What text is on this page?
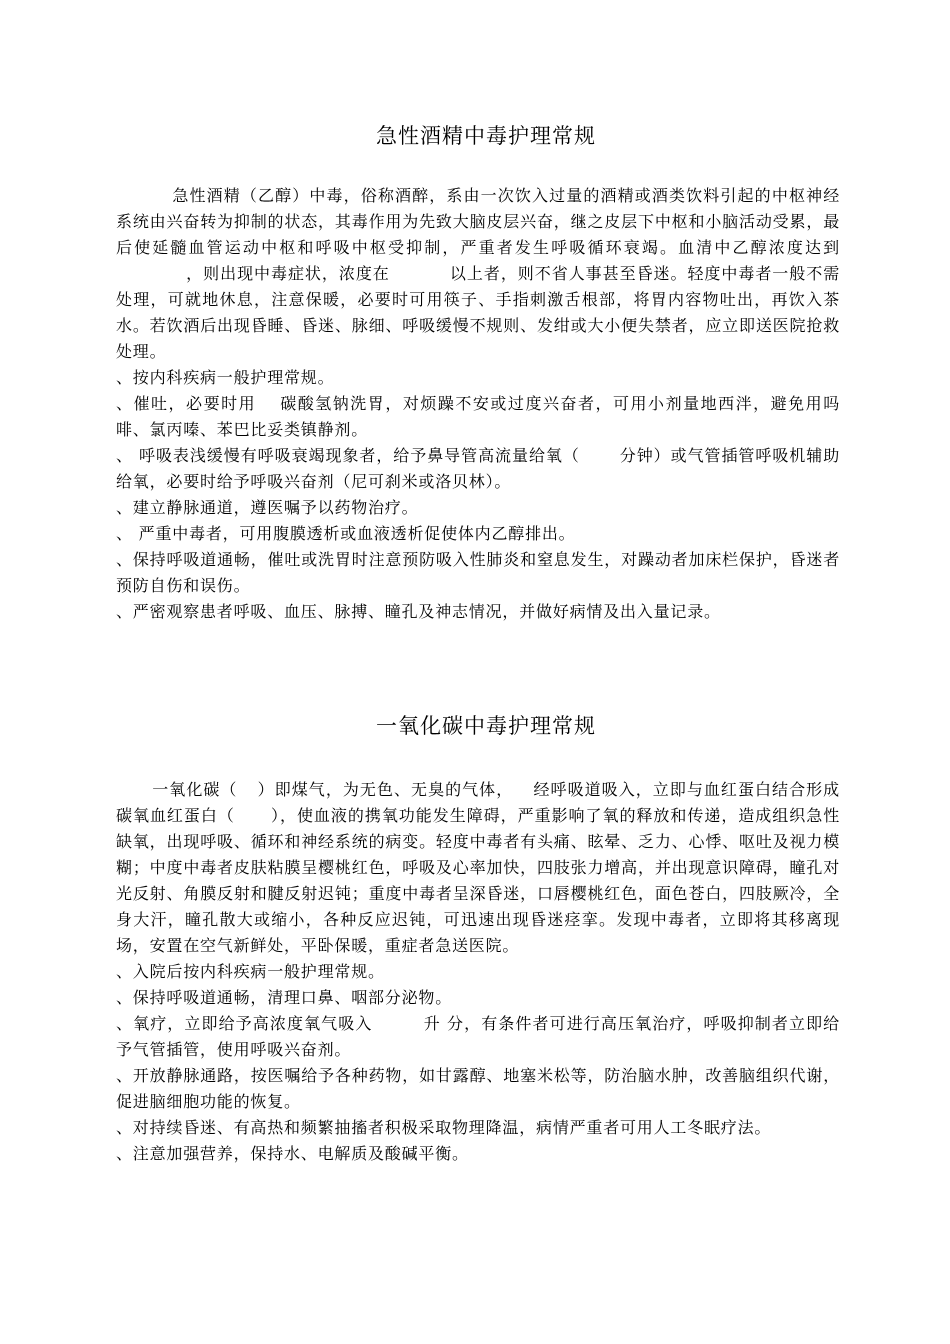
急性酒精中毒护理常规

急性酒精（乙醇）中毒，俗称酒醉，系由一次饮入过量的酒精或酒类饮料引起的中枢神经系统由兴奋转为抑制的状态，其毒作用为先致大脑皮层兴奋，继之皮层下中枢和小脑活动受累，最后使延髓血管运动中枢和呼吸中枢受抑制，严重者发生呼吸循环衰竭。血清中乙醇浓度达到，则出现中毒症状，浓度在	以上者，则不省人事甚至昏迷。轻度中毒者一般不需处理，可就地休息，注意保暖，必要时可用筷子、手指刺激舌根部，将胃内容物吐出，再饮入茶水。若饮酒后出现昏睡、昏迷、脉细、呼吸缓慢不规则、发绀或大小便失禁者，应立即送医院抢救处理。

、按内科疾病一般护理常规。

、催吐，必要时用　 碳酸氢钠洗胃，对烦躁不安或过度兴奋者，可用小剂量地西泮，避免用吗啡、氯丙嗪、苯巴比妥类镇静剂。

、 呼吸表浅缓慢有呼吸衰竭现象者，给予鼻导管高流量给氧（　　 分钟）或气管插管呼吸机辅助给氧，必要时给予呼吸兴奋剂（尼可刹米或洛贝林）。

、建立静脉通道，遵医嘱予以药物治疗。

、 严重中毒者，可用腹膜透析或血液透析促使体内乙醇排出。

、保持呼吸道通畅，催吐或洗胃时注意预防吸入性肺炎和窒息发生，对躁动者加床栏保护，昏迷者预防自伤和误伤。

、严密观察患者呼吸、血压、脉搏、瞳孔及神志情况，并做好病情及出入量记录。

一氧化碳中毒护理常规

一氧化碳（ ）即煤气，为无色、无臭的气体， 经呼吸道吸入，立即与血红蛋白结合形成碳氧血红蛋白（ ），使血液的携氧功能发生障碍，严重影响了氧的释放和传递，造成组织急性缺氧，出现呼吸、循环和神经系统的病变。轻度中毒者有头痛、眩晕、乏力、心悸、呕吐及视力模糊；中度中毒者皮肤粘膜呈樱桃红色，呼吸及心率加快，四肢张力增高，并出现意识障碍，瞳孔对光反射、角膜反射和腱反射迟钝；重度中毒者呈深昏迷，口唇樱桃红色，面色苍白，四肢厥冷，全身大汗，瞳孔散大或缩小，各种反应迟钝，可迅速出现昏迷痉挛。发现中毒者，立即将其移离现场，安置在空气新鲜处，平卧保暖，重症者急送医院。

、入院后按内科疾病一般护理常规。

、保持呼吸道通畅，清理口鼻、咽部分泌物。

、氧疗，立即给予高浓度氧气吸入　　　升 分，有条件者可进行高压氧治疗，呼吸抑制者立即给予气管插管，使用呼吸兴奋剂。

、开放静脉通路，按医嘱给予各种药物，如甘露醇、地塞米松等，防治脑水肿，改善脑组织代谢，促进脑细胞功能的恢复。

、对持续昏迷、有高热和频繁抽搐者积极采取物理降温，病情严重者可用人工冬眠疗法。

、注意加强营养，保持水、电解质及酸碱平衡。
